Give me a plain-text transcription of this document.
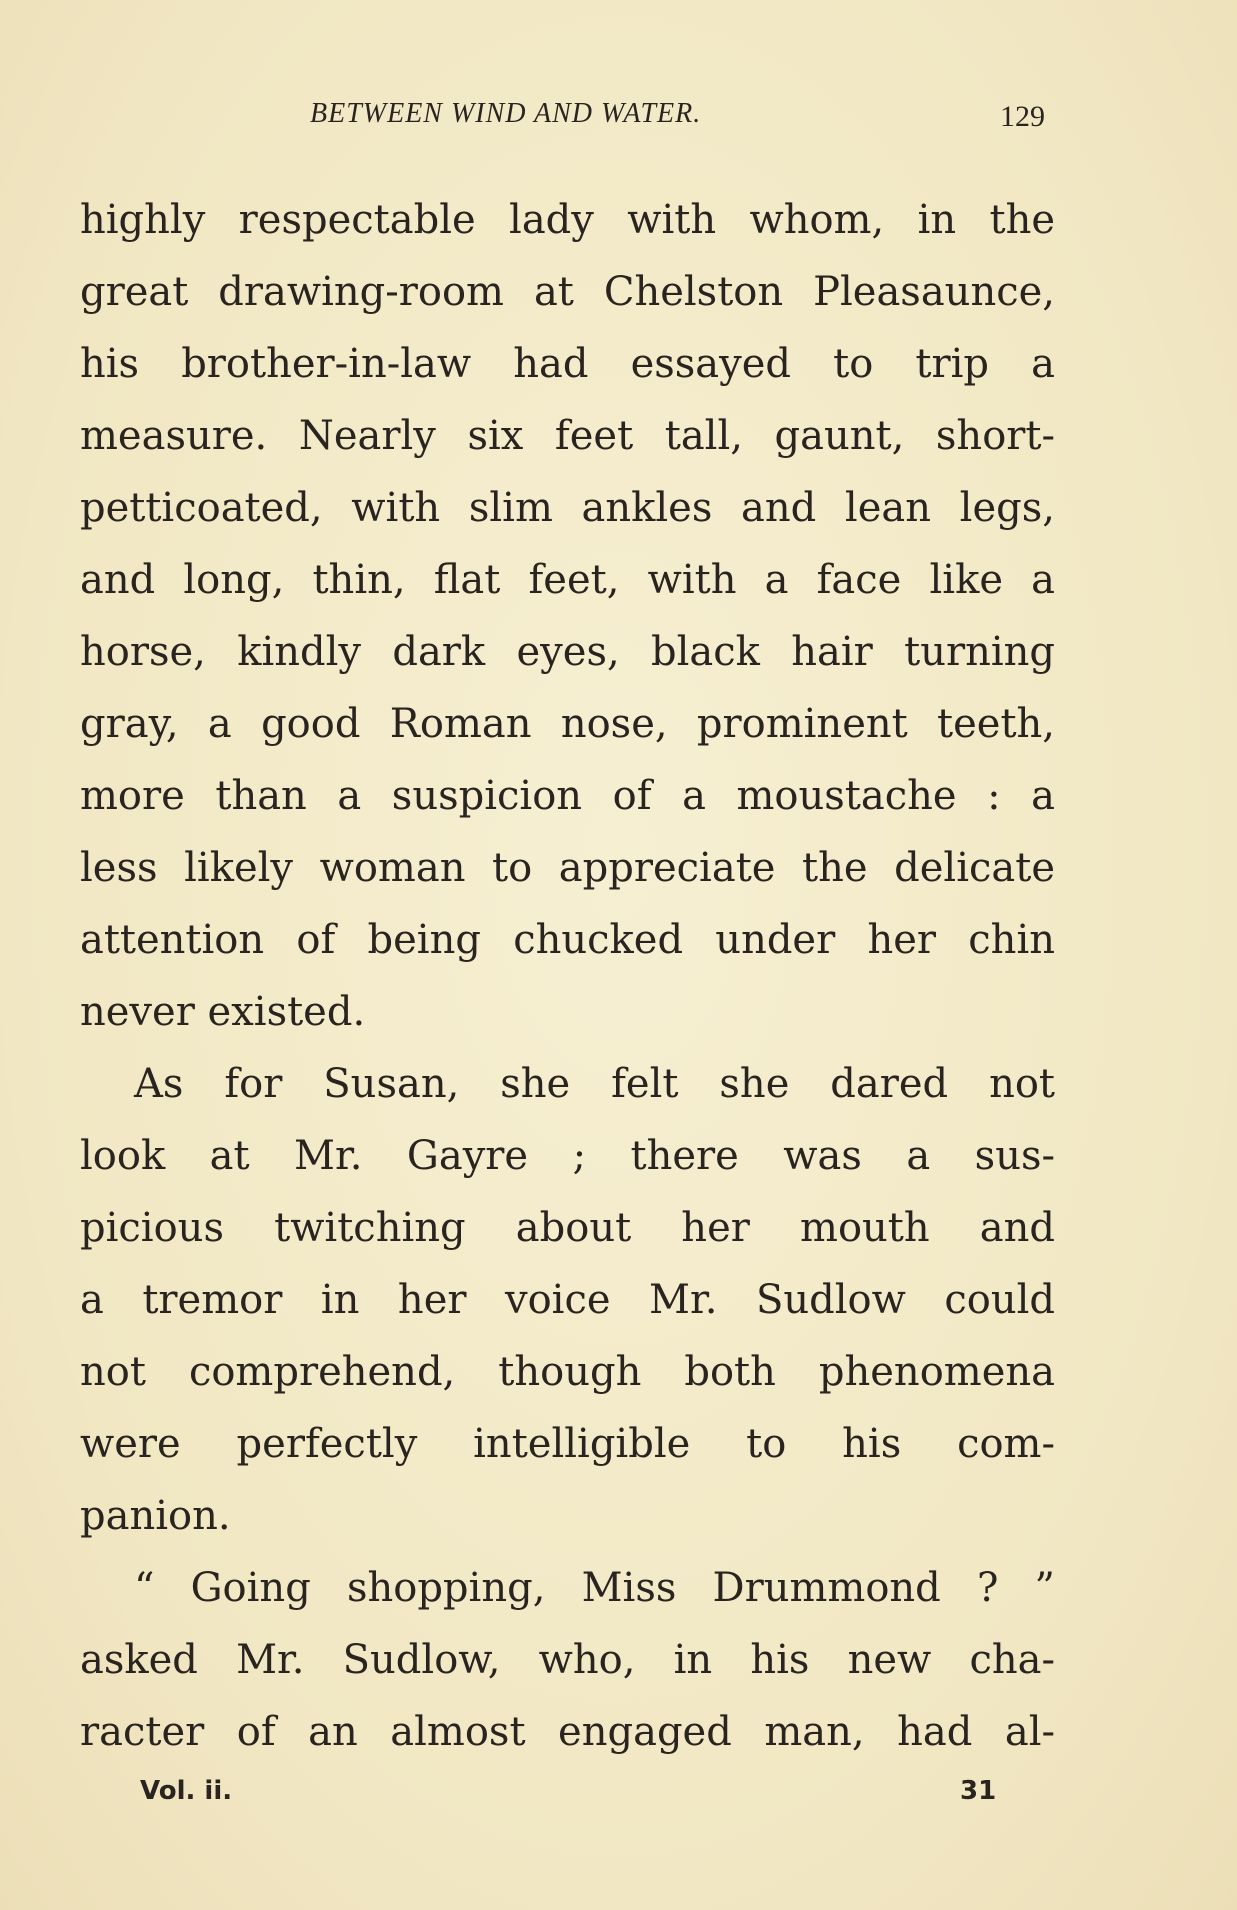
BETWEEN WIND AND WATER.	129
highly respectable lady with whom, in the
great drawing-room at Chelston Pleasaunce,
his brother-in-law had essayed to trip a
measure. Nearly six feet tall, gaunt, short-
petticoated, with slim ankles and lean legs,
and long, thin, flat feet, with a face like a
horse, kindly dark eyes, black hair turning
gray, a good Roman nose, prominent teeth,
more than a suspicion of a moustache : a
less likely woman to appreciate the delicate
attention of being chucked under her chin
never existed.
As for Susan, she felt she dared not
look at Mr. Gayre ; there was a sus-
picious twitching about her mouth and
a tremor in her voice Mr. Sudlow could
not comprehend, though both phenomena
were perfectly intelligible to his com-
panion.
“ Going shopping, Miss Drummond ? ”
asked Mr. Sudlow, who, in his new cha-
racter of an almost engaged man, had al-
Vol. ii.	31
